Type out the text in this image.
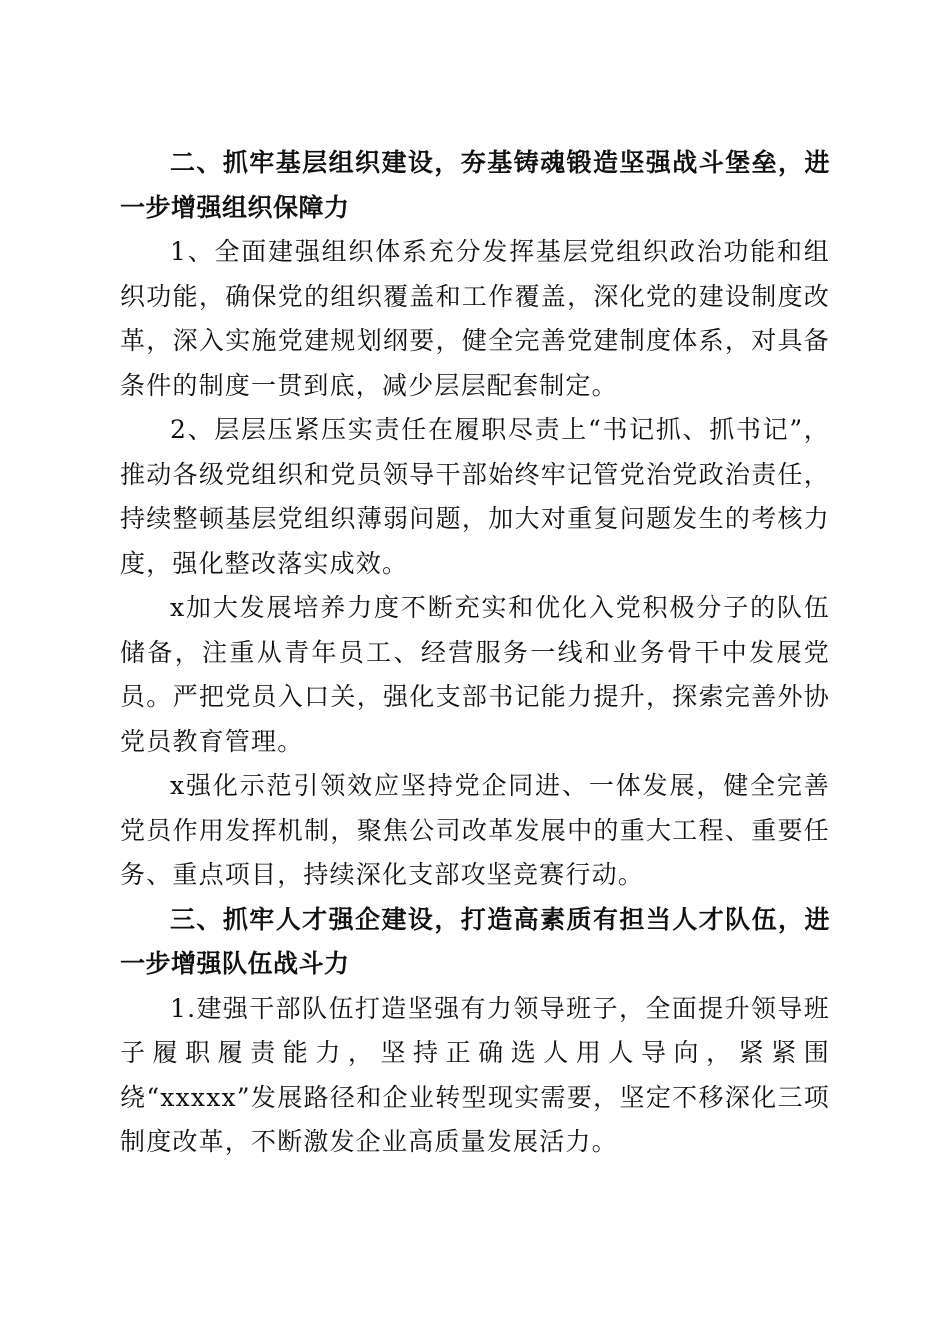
二、抓牢基层组织建设，夯基铸魂锻造坚强战斗堡垒，进一步增强组织保障力

1、全面建强组织体系充分发挥基层党组织政治功能和组织功能，确保党的组织覆盖和工作覆盖，深化党的建设制度改革，深入实施党建规划纲要，健全完善党建制度体系，对具备条件的制度一贯到底，减少层层配套制定。

2、层层压紧压实责任在履职尽责上“书记抓、抓书记”，推动各级党组织和党员领导干部始终牢记管党治党政治责任，持续整顿基层党组织薄弱问题，加大对重复问题发生的考核力度，强化整改落实成效。

x加大发展培养力度不断充实和优化入党积极分子的队伍储备，注重从青年员工、经营服务一线和业务骨干中发展党员。严把党员入口关，强化支部书记能力提升，探索完善外协党员教育管理。

x强化示范引领效应坚持党企同进、一体发展，健全完善党员作用发挥机制，聚焦公司改革发展中的重大工程、重要任务、重点项目，持续深化支部攻坚竞赛行动。

三、抓牢人才强企建设，打造高素质有担当人才队伍，进一步增强队伍战斗力

1.建强干部队伍打造坚强有力领导班子，全面提升领导班子履职履责能力，坚持正确选人用人导向，紧紧围绕“xxxxx”发展路径和企业转型现实需要，坚定不移深化三项制度改革，不断激发企业高质量发展活力。
